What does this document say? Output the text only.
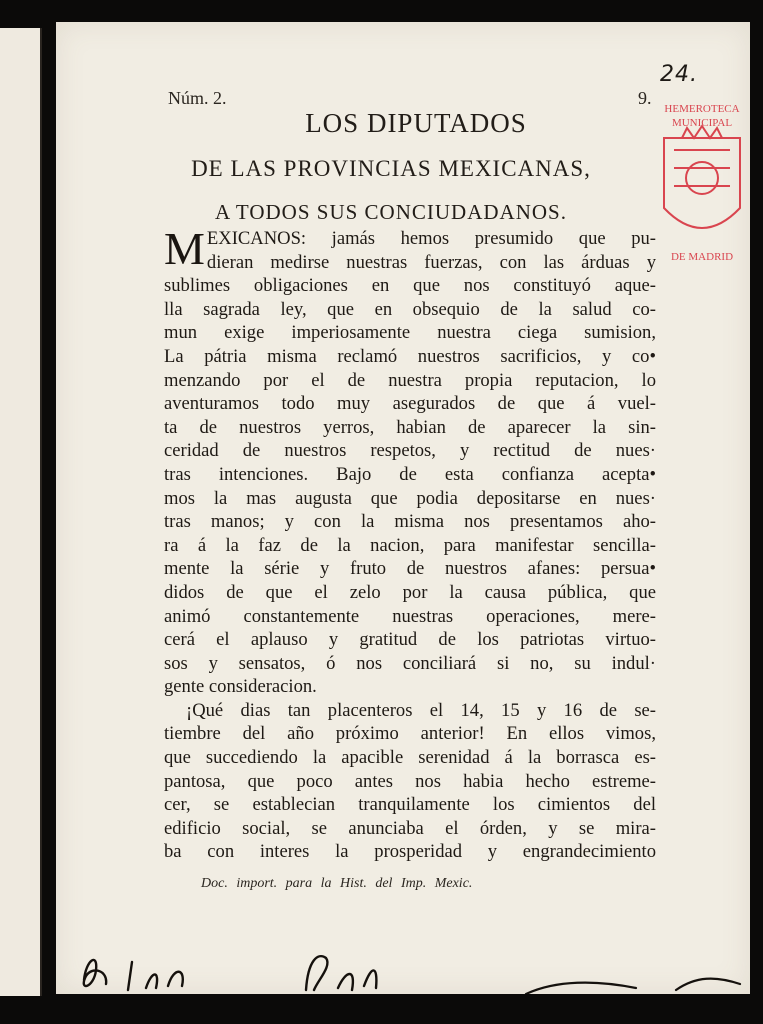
Núm. 2.	9.
24.
HEMEROTECA
MUNICIPAL
DE MADRID
LOS DIPUTADOS
DE LAS PROVINCIAS MEXICANAS,
A TODOS SUS CONCIUDADANOS.
M EXICANOS: jamás hemos presumido que pu-
dieran medirse nuestras fuerzas, con las árduas y
sublimes obligaciones en que nos constituyó aque-
lla sagrada ley, que en obsequio de la salud co-
mun exige imperiosamente nuestra ciega sumision,
La pátria misma reclamó nuestros sacrificios, y co•
menzando por el de nuestra propia reputacion, lo
aventuramos todo muy asegurados de que á vuel-
ta de nuestros yerros, habian de aparecer la sin-
ceridad de nuestros respetos, y rectitud de nues·
tras intenciones. Bajo de esta confianza acepta•
mos la mas augusta que podia depositarse en nues·
tras manos; y con la misma nos presentamos aho-
ra á la faz de la nacion, para manifestar sencilla-
mente la série y fruto de nuestros afanes: persua•
didos de que el zelo por la causa pública, que
animó constantemente nuestras operaciones, mere-
cerá el aplauso y gratitud de los patriotas virtuo-
sos y sensatos, ó nos conciliará si no, su indul·
gente consideracion.
¡Qué dias tan placenteros el 14, 15 y 16 de se-
tiembre del año próximo anterior! En ellos vimos,
que succediendo la apacible serenidad á la borrasca es-
pantosa, que poco antes nos habia hecho estreme-
cer, se establecian tranquilamente los cimientos del
edificio social, se anunciaba el órden, y se mira-
ba con interes la prosperidad y engrandecimiento
Doc. import. para la Hist. del Imp. Mexic.
